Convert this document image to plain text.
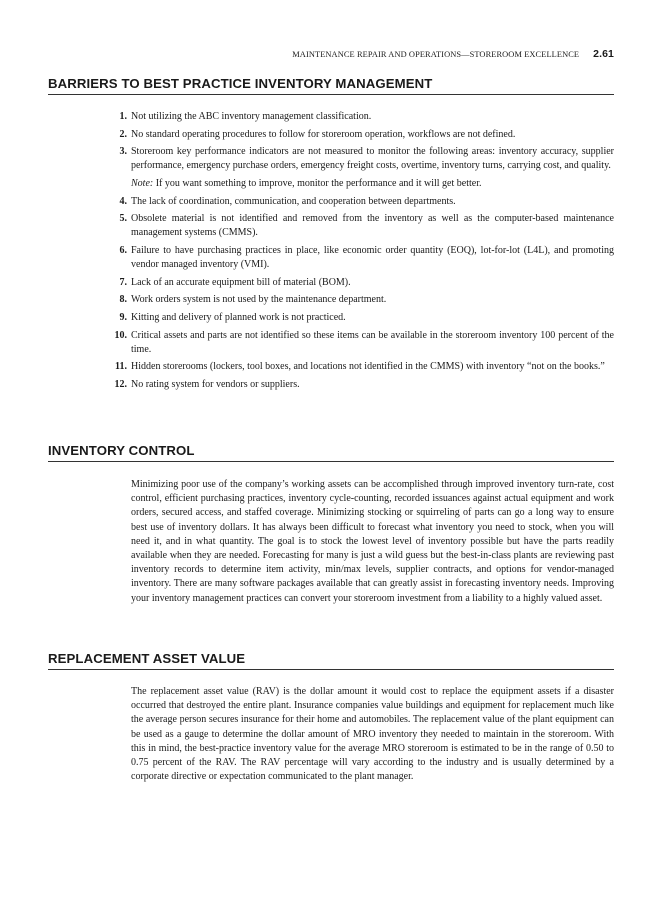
MAINTENANCE REPAIR AND OPERATIONS—STOREROOM EXCELLENCE 2.61
BARRIERS TO BEST PRACTICE INVENTORY MANAGEMENT
1. Not utilizing the ABC inventory management classification.
2. No standard operating procedures to follow for storeroom operation, workflows are not defined.
3. Storeroom key performance indicators are not measured to monitor the following areas: inventory accuracy, supplier performance, emergency purchase orders, emergency freight costs, overtime, inventory turns, carrying cost, and quality.
Note: If you want something to improve, monitor the performance and it will get better.
4. The lack of coordination, communication, and cooperation between departments.
5. Obsolete material is not identified and removed from the inventory as well as the computer-based maintenance management systems (CMMS).
6. Failure to have purchasing practices in place, like economic order quantity (EOQ), lot-for-lot (L4L), and promoting vendor managed inventory (VMI).
7. Lack of an accurate equipment bill of material (BOM).
8. Work orders system is not used by the maintenance department.
9. Kitting and delivery of planned work is not practiced.
10. Critical assets and parts are not identified so these items can be available in the storeroom inventory 100 percent of the time.
11. Hidden storerooms (lockers, tool boxes, and locations not identified in the CMMS) with inventory “not on the books.”
12. No rating system for vendors or suppliers.
INVENTORY CONTROL

Minimizing poor use of the company’s working assets can be accomplished through improved inventory turn-rate, cost control, efficient purchasing practices, inventory cycle-counting, recorded issuances against actual equipment and work orders, secured access, and staffed coverage. Minimizing stocking or squirreling of parts can go a long way to ensure best use of inventory dollars. It has always been difficult to forecast what inventory you need to stock, when you will need it, and in what quantity. The goal is to stock the lowest level of inventory possible but have the parts readily available when they are needed. Forecasting for many is just a wild guess but the best-in-class plants are reviewing past inventory records to determine item activity, min/max levels, supplier contracts, and options for vendor-managed inventory. There are many software packages available that can greatly assist in forecasting inventory needs. Improving your inventory management practices can convert your storeroom investment from a liability to a highly valued asset.

REPLACEMENT ASSET VALUE

The replacement asset value (RAV) is the dollar amount it would cost to replace the equipment assets if a disaster occurred that destroyed the entire plant. Insurance companies value buildings and equipment for replacement much like the average person secures insurance for their home and automobiles. The replacement value of the plant equipment can be used as a gauge to determine the dollar amount of MRO inventory they needed to maintain in the storeroom. With this in mind, the best-practice inventory value for the average MRO storeroom is estimated to be in the range of 0.50 to 0.75 percent of the RAV. The RAV percentage will vary according to the industry and is usually determined by a corporate directive or expectation communicated to the plant manager.
